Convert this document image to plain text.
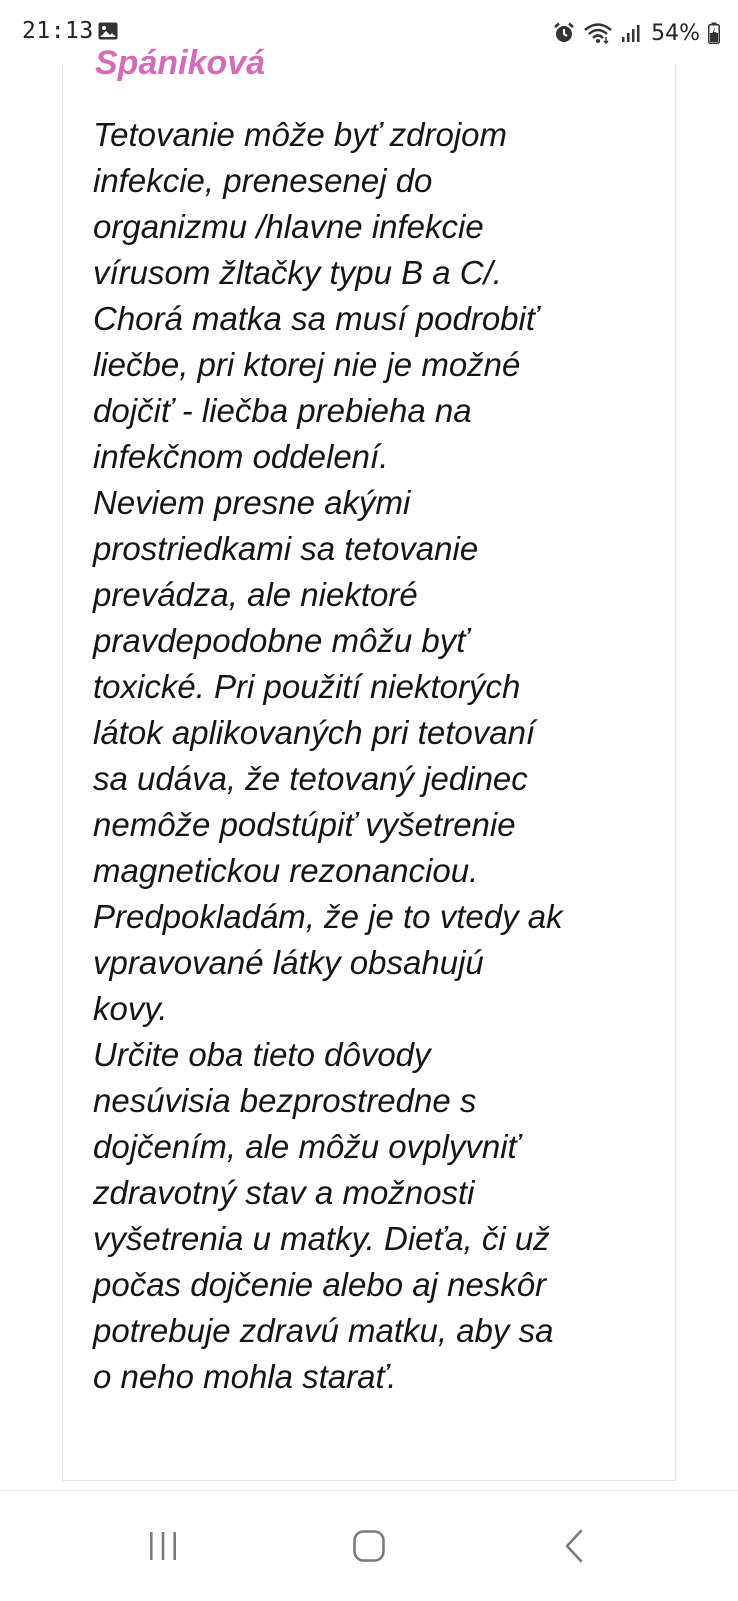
21:13	54%
Spániková

Tetovanie môže byť zdrojom
infekcie, prenesenej do
organizmu /hlavne infekcie
vírusom žltačky typu B a C/.
Chorá matka sa musí podrobiť
liečbe, pri ktorej nie je možné
dojčiť - liečba prebieha na
infekčnom oddelení.
Neviem presne akými
prostriedkami sa tetovanie
prevádza, ale niektoré
pravdepodobne môžu byť
toxické. Pri použití niektorých
látok aplikovaných pri tetovaní
sa udáva, že tetovaný jedinec
nemôže podstúpiť vyšetrenie
magnetickou rezonanciou.
Predpokladám, že je to vtedy ak
vpravované látky obsahujú
kovy.
Určite oba tieto dôvody
nesúvisia bezprostredne s
dojčením, ale môžu ovplyvniť
zdravotný stav a možnosti
vyšetrenia u matky. Dieťa, či už
počas dojčenie alebo aj neskôr
potrebuje zdravú matku, aby sa
o neho mohla starať.
